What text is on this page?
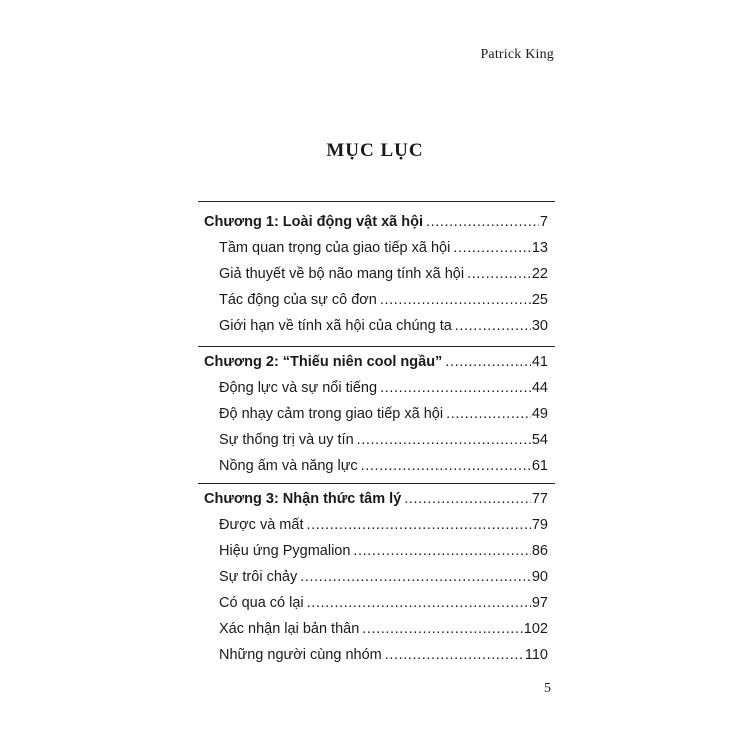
Patrick King
MỤC LỤC
Chương 1: Loài động vật xã hội .....	7
Tầm quan trọng của giao tiếp xã hội .....	13
Giả thuyết về bộ não mang tính xã hội .....	22
Tác động của sự cô đơn .....	25
Giới hạn về tính xã hội của chúng ta .....	30
Chương 2: “Thiếu niên cool ngầu” .....	41
Động lực và sự nổi tiếng .....	44
Độ nhạy cảm trong giao tiếp xã hội .....	49
Sự thống trị và uy tín .....	54
Nồng ấm và năng lực .....	61
Chương 3: Nhận thức tâm lý .....	77
Được và mất .....	79
Hiệu ứng Pygmalion .....	86
Sự trôi chảy .....	90
Có qua có lại .....	97
Xác nhận lại bản thân .....	102
Những người cùng nhóm .....	110
5
